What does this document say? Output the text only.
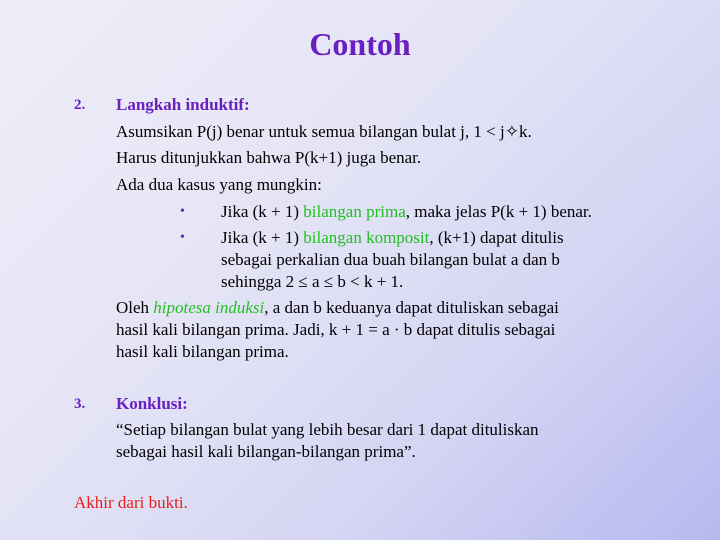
Contoh
2. Langkah induktif:
Asumsikan P(j) benar untuk semua bilangan bulat j, 1 < j✧k.
Harus ditunjukkan bahwa P(k+1) juga benar.
Ada dua kasus yang mungkin:
• Jika (k + 1) bilangan prima, maka jelas P(k + 1) benar.
• Jika (k + 1) bilangan komposit, (k+1) dapat ditulis
sebagai perkalian dua buah bilangan bulat a dan b
sehingga 2 ≤ a ≤ b < k + 1.
Oleh hipotesa induksi, a dan b keduanya dapat dituliskan sebagai
hasil kali bilangan prima. Jadi, k + 1 = a · b dapat ditulis sebagai
hasil kali bilangan prima.
3. Konklusi:
“Setiap bilangan bulat yang lebih besar dari 1 dapat dituliskan
sebagai hasil kali bilangan-bilangan prima”.
Akhir dari bukti.
